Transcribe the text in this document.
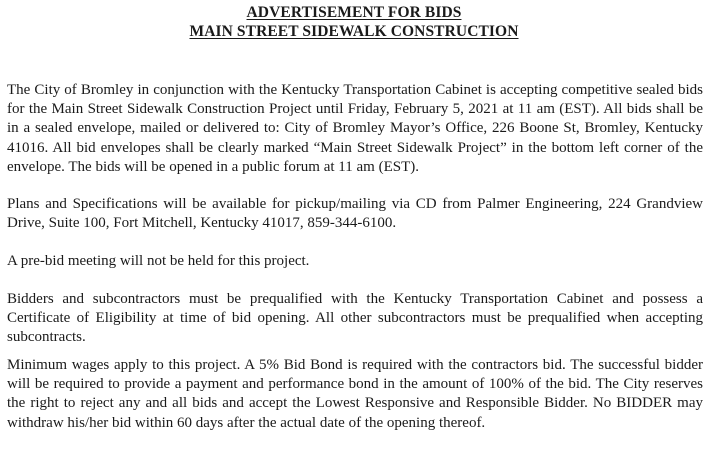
ADVERTISEMENT FOR BIDS
MAIN STREET SIDEWALK CONSTRUCTION
The City of Bromley in conjunction with the Kentucky Transportation Cabinet is accepting competitive sealed bids for the Main Street Sidewalk Construction Project until Friday, February 5, 2021 at 11 am (EST). All bids shall be in a sealed envelope, mailed or delivered to: City of Bromley Mayor’s Office, 226 Boone St, Bromley, Kentucky 41016. All bid envelopes shall be clearly marked “Main Street Sidewalk Project” in the bottom left corner of the envelope. The bids will be opened in a public forum at 11 am (EST).
Plans and Specifications will be available for pickup/mailing via CD from Palmer Engineering, 224 Grandview Drive, Suite 100, Fort Mitchell, Kentucky 41017, 859-344-6100.
A pre-bid meeting will not be held for this project.
Bidders and subcontractors must be prequalified with the Kentucky Transportation Cabinet and possess a Certificate of Eligibility at time of bid opening. All other subcontractors must be prequalified when accepting subcontracts.
Minimum wages apply to this project. A 5% Bid Bond is required with the contractors bid. The successful bidder will be required to provide a payment and performance bond in the amount of 100% of the bid. The City reserves the right to reject any and all bids and accept the Lowest Responsive and Responsible Bidder. No BIDDER may withdraw his/her bid within 60 days after the actual date of the opening thereof.
